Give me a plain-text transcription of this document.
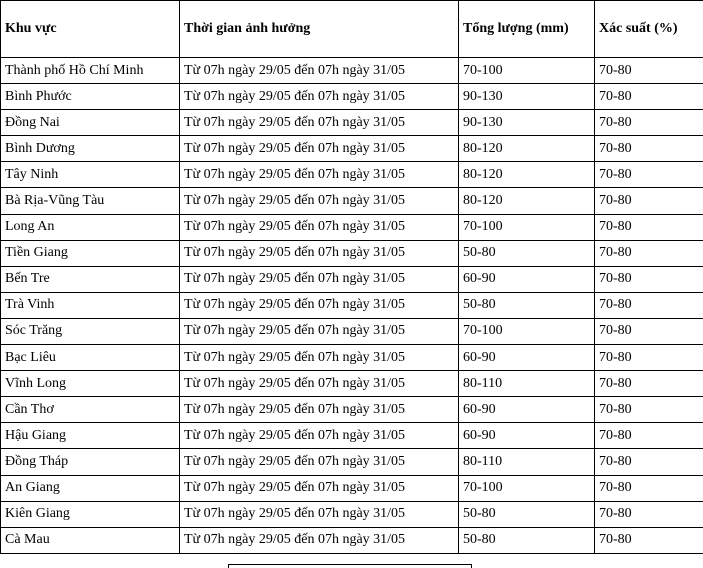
Khu vực	Thời gian ảnh hưởng	Tổng lượng (mm)	Xác suất (%)
Thành phố Hồ Chí Minh	Từ 07h ngày 29/05 đến 07h ngày 31/05	70-100	70-80
Bình Phước	Từ 07h ngày 29/05 đến 07h ngày 31/05	90-130	70-80
Đồng Nai	Từ 07h ngày 29/05 đến 07h ngày 31/05	90-130	70-80
Bình Dương	Từ 07h ngày 29/05 đến 07h ngày 31/05	80-120	70-80
Tây Ninh	Từ 07h ngày 29/05 đến 07h ngày 31/05	80-120	70-80
Bà Rịa-Vũng Tàu	Từ 07h ngày 29/05 đến 07h ngày 31/05	80-120	70-80
Long An	Từ 07h ngày 29/05 đến 07h ngày 31/05	70-100	70-80
Tiền Giang	Từ 07h ngày 29/05 đến 07h ngày 31/05	50-80	70-80
Bến Tre	Từ 07h ngày 29/05 đến 07h ngày 31/05	60-90	70-80
Trà Vinh	Từ 07h ngày 29/05 đến 07h ngày 31/05	50-80	70-80
Sóc Trăng	Từ 07h ngày 29/05 đến 07h ngày 31/05	70-100	70-80
Bạc Liêu	Từ 07h ngày 29/05 đến 07h ngày 31/05	60-90	70-80
Vĩnh Long	Từ 07h ngày 29/05 đến 07h ngày 31/05	80-110	70-80
Cần Thơ	Từ 07h ngày 29/05 đến 07h ngày 31/05	60-90	70-80
Hậu Giang	Từ 07h ngày 29/05 đến 07h ngày 31/05	60-90	70-80
Đồng Tháp	Từ 07h ngày 29/05 đến 07h ngày 31/05	80-110	70-80
An Giang	Từ 07h ngày 29/05 đến 07h ngày 31/05	70-100	70-80
Kiên Giang	Từ 07h ngày 29/05 đến 07h ngày 31/05	50-80	70-80
Cà Mau	Từ 07h ngày 29/05 đến 07h ngày 31/05	50-80	70-80
